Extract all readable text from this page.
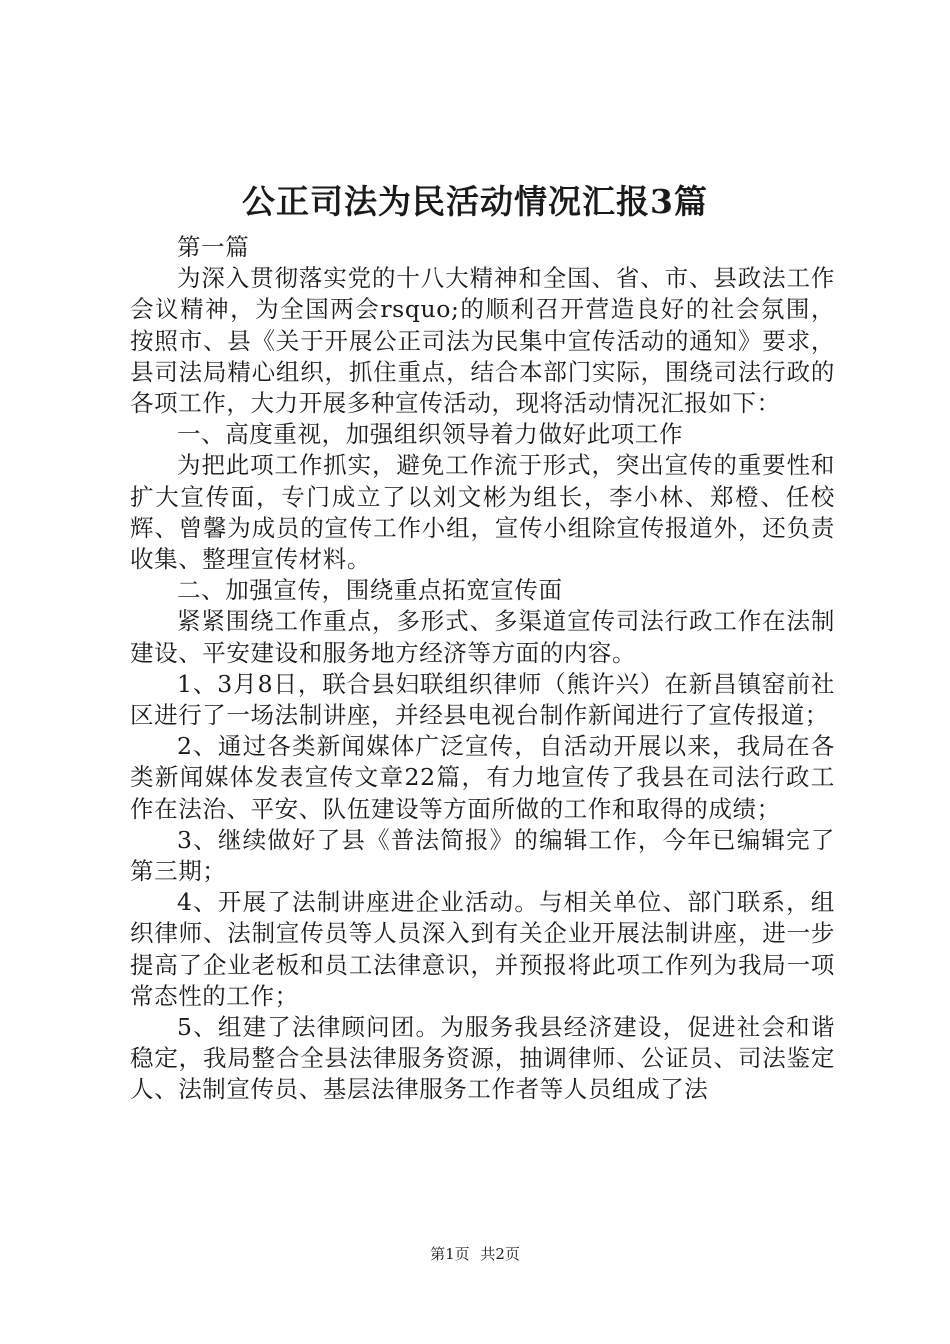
公正司法为民活动情况汇报3篇

第一篇

为深入贯彻落实党的十八大精神和全国、省、市、县政法工作会议精神，为全国两会rsquo;的顺利召开营造良好的社会氛围，按照市、县《关于开展公正司法为民集中宣传活动的通知》要求，县司法局精心组织，抓住重点，结合本部门实际，围绕司法行政的各项工作，大力开展多种宣传活动，现将活动情况汇报如下：

一、高度重视，加强组织领导着力做好此项工作

为把此项工作抓实，避免工作流于形式，突出宣传的重要性和扩大宣传面，专门成立了以刘文彬为组长，李小林、郑橙、任校辉、曾馨为成员的宣传工作小组，宣传小组除宣传报道外，还负责收集、整理宣传材料。

二、加强宣传，围绕重点拓宽宣传面

紧紧围绕工作重点，多形式、多渠道宣传司法行政工作在法制建设、平安建设和服务地方经济等方面的内容。

1、3月8日，联合县妇联组织律师（熊许兴）在新昌镇窑前社区进行了一场法制讲座，并经县电视台制作新闻进行了宣传报道；

2、通过各类新闻媒体广泛宣传，自活动开展以来，我局在各类新闻媒体发表宣传文章22篇，有力地宣传了我县在司法行政工作在法治、平安、队伍建设等方面所做的工作和取得的成绩；

3、继续做好了县《普法简报》的编辑工作，今年已编辑完了第三期；

4、开展了法制讲座进企业活动。与相关单位、部门联系，组织律师、法制宣传员等人员深入到有关企业开展法制讲座，进一步提高了企业老板和员工法律意识，并预报将此项工作列为我局一项常态性的工作；

5、组建了法律顾问团。为服务我县经济建设，促进社会和谐稳定，我局整合全县法律服务资源，抽调律师、公证员、司法鉴定人、法制宣传员、基层法律服务工作者等人员组成了法

第1页 共2页
